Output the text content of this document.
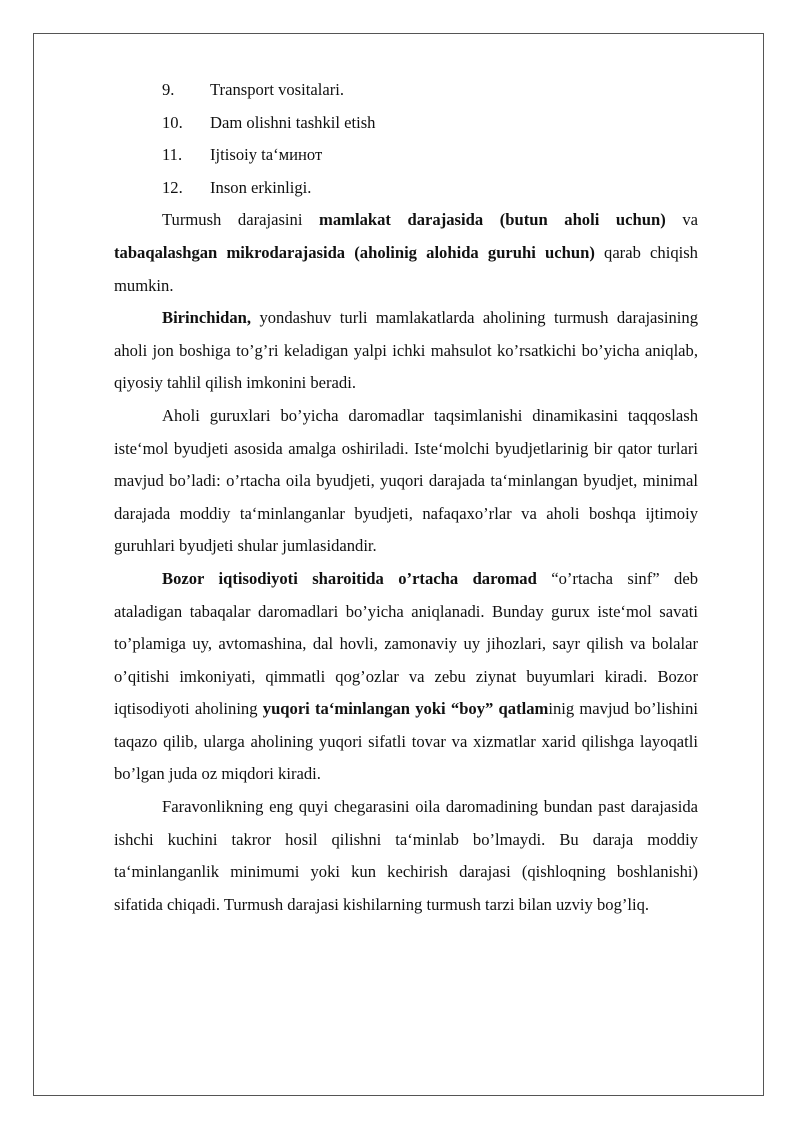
9.	Transport vositalari.
10.	Dam olishni tashkil etish
11.	Ijtisoiy ta‘минот
12.	Inson erkinligi.

Turmush darajasini mamlakat darajasida (butun aholi uchun) va tabaqalashgan mikrodarajasida (aholinig alohida guruhi uchun) qarab chiqish mumkin.

Birinchidan, yondashuv turli mamlakatlarda aholining turmush darajasining aholi jon boshiga to’g’ri keladigan yalpi ichki mahsulot ko’rsatkichi bo’yicha aniqlab, qiyosiy tahlil qilish imkonini beradi.

Aholi guruxlari bo’yicha daromadlar taqsimlanishi dinamikasini taqqoslash iste‘mol byudjeti asosida amalga oshiriladi. Iste‘molchi byudjetlarinig bir qator turlari mavjud bo’ladi: o’rtacha oila byudjeti, yuqori darajada ta‘minlangan byudjet, minimal darajada moddiy ta‘minlanganlar byudjeti, nafaqaxo’rlar va aholi boshqa ijtimoiy guruhlari byudjeti shular jumlasidandir.

Bozor iqtisodiyoti sharoitida o’rtacha daromad “o’rtacha sinf” deb ataladigan tabaqalar daromadlari bo’yicha aniqlanadi. Bunday gurux iste‘mol savati to’plamiga uy, avtomashina, dal hovli, zamonaviy uy jihozlari, sayr qilish va bolalar o’qitishi imkoniyati, qimmatli qog’ozlar va zebu ziynat buyumlari kiradi. Bozor iqtisodiyoti aholining yuqori ta‘minlangan yoki “boy” qatlaminig mavjud bo’lishini taqazo qilib, ularga aholining yuqori sifatli tovar va xizmatlar xarid qilishga layoqatli bo’lgan juda oz miqdori kiradi.

Faravonlikning eng quyi chegarasini oila daromadining bundan past darajasida ishchi kuchini takror hosil qilishni ta‘minlab bo’lmaydi. Bu daraja moddiy ta‘minlanganlik minimumi yoki kun kechirish darajasi (qishloqning boshlanishi) sifatida chiqadi. Turmush darajasi kishilarning turmush tarzi bilan uzviy bog’liq.
